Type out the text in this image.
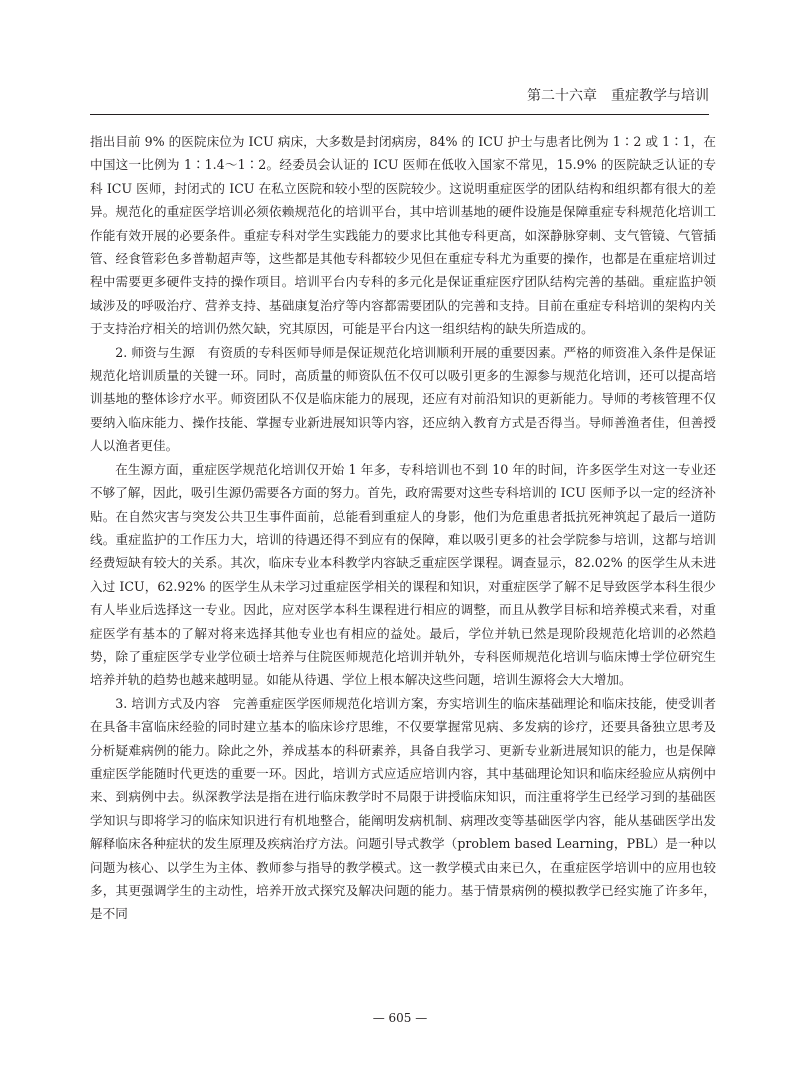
第二十六章　重症教学与培训

指出目前 9% 的医院床位为 ICU 病床，大多数是封闭病房，84% 的 ICU 护士与患者比例为 1∶2 或 1∶1，在中国这一比例为 1∶1.4～1∶2。经委员会认证的 ICU 医师在低收入国家不常见，15.9% 的医院缺乏认证的专科 ICU 医师，封闭式的 ICU 在私立医院和较小型的医院较少。这说明重症医学的团队结构和组织都有很大的差异。规范化的重症医学培训必须依赖规范化的培训平台，其中培训基地的硬件设施是保障重症专科规范化培训工作能有效开展的必要条件。重症专科对学生实践能力的要求比其他专科更高，如深静脉穿刺、支气管镜、气管插管、经食管彩色多普勒超声等，这些都是其他专科都较少见但在重症专科尤为重要的操作，也都是在重症培训过程中需要更多硬件支持的操作项目。培训平台内专科的多元化是保证重症医疗团队结构完善的基础。重症监护领域涉及的呼吸治疗、营养支持、基础康复治疗等内容都需要团队的完善和支持。目前在重症专科培训的架构内关于支持治疗相关的培训仍然欠缺，究其原因，可能是平台内这一组织结构的缺失所造成的。

2. 师资与生源　有资质的专科医师导师是保证规范化培训顺利开展的重要因素。严格的师资准入条件是保证规范化培训质量的关键一环。同时，高质量的师资队伍不仅可以吸引更多的生源参与规范化培训，还可以提高培训基地的整体诊疗水平。师资团队不仅是临床能力的展现，还应有对前沿知识的更新能力。导师的考核管理不仅要纳入临床能力、操作技能、掌握专业新进展知识等内容，还应纳入教育方式是否得当。导师善渔者佳，但善授人以渔者更佳。

在生源方面，重症医学规范化培训仅开始 1 年多，专科培训也不到 10 年的时间，许多医学生对这一专业还不够了解，因此，吸引生源仍需要各方面的努力。首先，政府需要对这些专科培训的 ICU 医师予以一定的经济补贴。在自然灾害与突发公共卫生事件面前，总能看到重症人的身影，他们为危重患者抵抗死神筑起了最后一道防线。重症监护的工作压力大，培训的待遇还得不到应有的保障，难以吸引更多的社会学院参与培训，这都与培训经费短缺有较大的关系。其次，临床专业本科教学内容缺乏重症医学课程。调查显示，82.02% 的医学生从未进入过 ICU，62.92% 的医学生从未学习过重症医学相关的课程和知识，对重症医学了解不足导致医学本科生很少有人毕业后选择这一专业。因此，应对医学本科生课程进行相应的调整，而且从教学目标和培养模式来看，对重症医学有基本的了解对将来选择其他专业也有相应的益处。最后，学位并轨已然是现阶段规范化培训的必然趋势，除了重症医学专业学位硕士培养与住院医师规范化培训并轨外，专科医师规范化培训与临床博士学位研究生培养并轨的趋势也越来越明显。如能从待遇、学位上根本解决这些问题，培训生源将会大大增加。

3. 培训方式及内容　完善重症医学医师规范化培训方案，夯实培训生的临床基础理论和临床技能，使受训者在具备丰富临床经验的同时建立基本的临床诊疗思维，不仅要掌握常见病、多发病的诊疗，还要具备独立思考及分析疑难病例的能力。除此之外，养成基本的科研素养，具备自我学习、更新专业新进展知识的能力，也是保障重症医学能随时代更迭的重要一环。因此，培训方式应适应培训内容，其中基础理论知识和临床经验应从病例中来、到病例中去。纵深教学法是指在进行临床教学时不局限于讲授临床知识，而注重将学生已经学习到的基础医学知识与即将学习的临床知识进行有机地整合，能阐明发病机制、病理改变等基础医学内容，能从基础医学出发解释临床各种症状的发生原理及疾病治疗方法。问题引导式教学（problem based Learning，PBL）是一种以问题为核心、以学生为主体、教师参与指导的教学模式。这一教学模式由来已久，在重症医学培训中的应用也较多，其更强调学生的主动性，培养开放式探究及解决问题的能力。基于情景病例的模拟教学已经实施了许多年，是不同

— 605 —
